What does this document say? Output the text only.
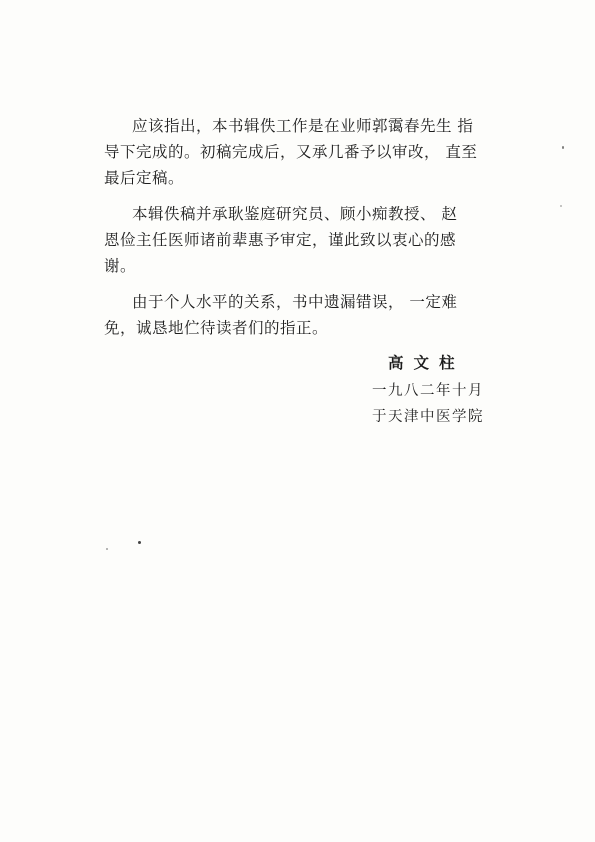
应该指出，本书辑佚工作是在业师郭霭春先生 指
导下完成的。初稿完成后，又承几番予以审改， 直至
最后定稿。

本辑佚稿并承耿鉴庭研究员、顾小痴教授、 赵
恩俭主任医师诸前辈惠予审定，谨此致以衷心的感
谢。

由于个人水平的关系，书中遗漏错误， 一定难
免，诚恳地伫待读者们的指正。

高文柱
一九八二年十月
于天津中医学院
